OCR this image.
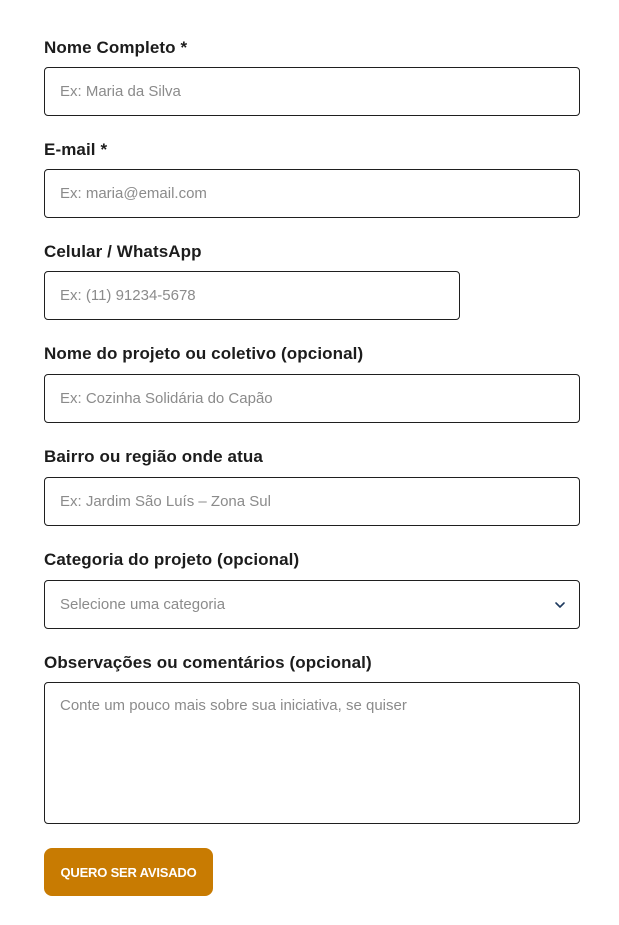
Nome Completo *
Ex: Maria da Silva
E-mail *
Ex: maria@email.com
Celular / WhatsApp
Ex: (11) 91234-5678
Nome do projeto ou coletivo (opcional)
Ex: Cozinha Solidária do Capão
Bairro ou região onde atua
Ex: Jardim São Luís – Zona Sul
Categoria do projeto (opcional)
Selecione uma categoria
Observações ou comentários (opcional)
Conte um pouco mais sobre sua iniciativa, se quiser
QUERO SER AVISADO
